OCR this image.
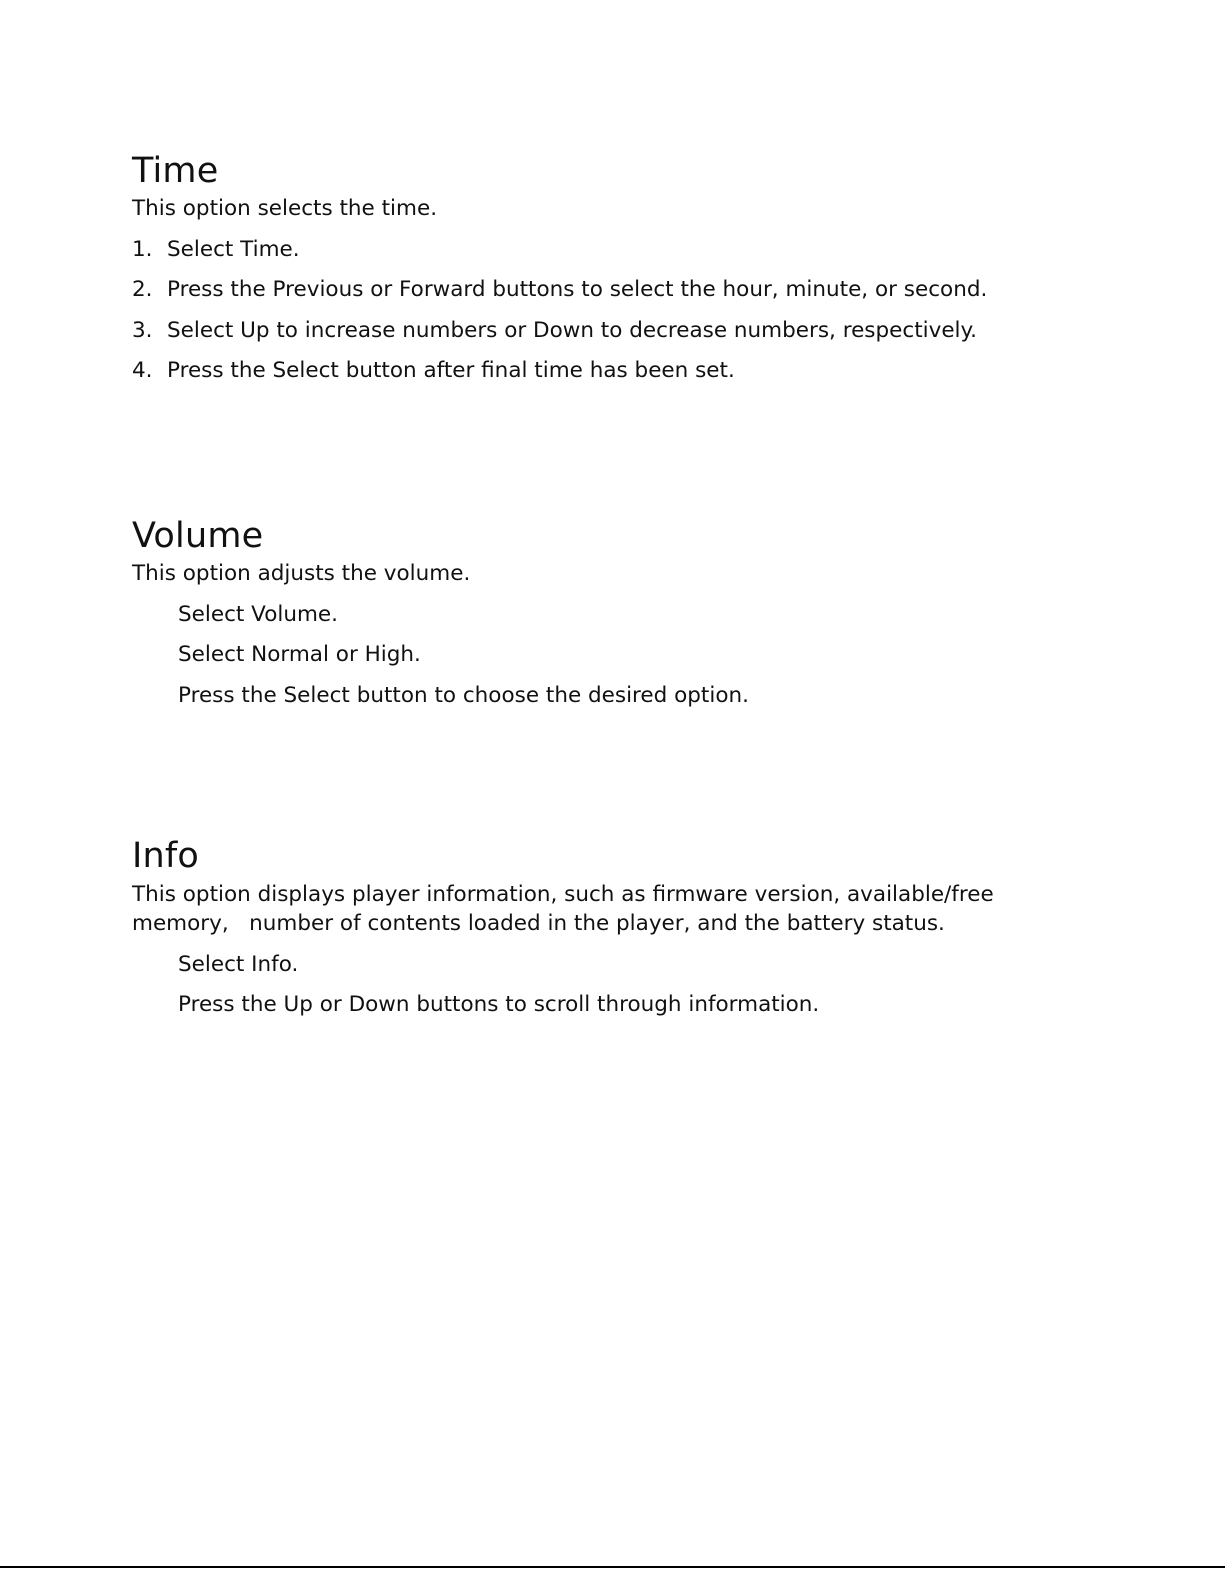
Time

This option selects the time.

1. Select Time.
2. Press the Previous or Forward buttons to select the hour, minute, or second.
3. Select Up to increase numbers or Down to decrease numbers, respectively.
4. Press the Select button after final time has been set.
Volume

This option adjusts the volume.

Select Volume.
Select Normal or High.
Press the Select button to choose the desired option.
Info

This option displays player information, such as firmware version, available/free

memory,   number of contents loaded in the player, and the battery status.

Select Info.
Press the Up or Down buttons to scroll through information.
